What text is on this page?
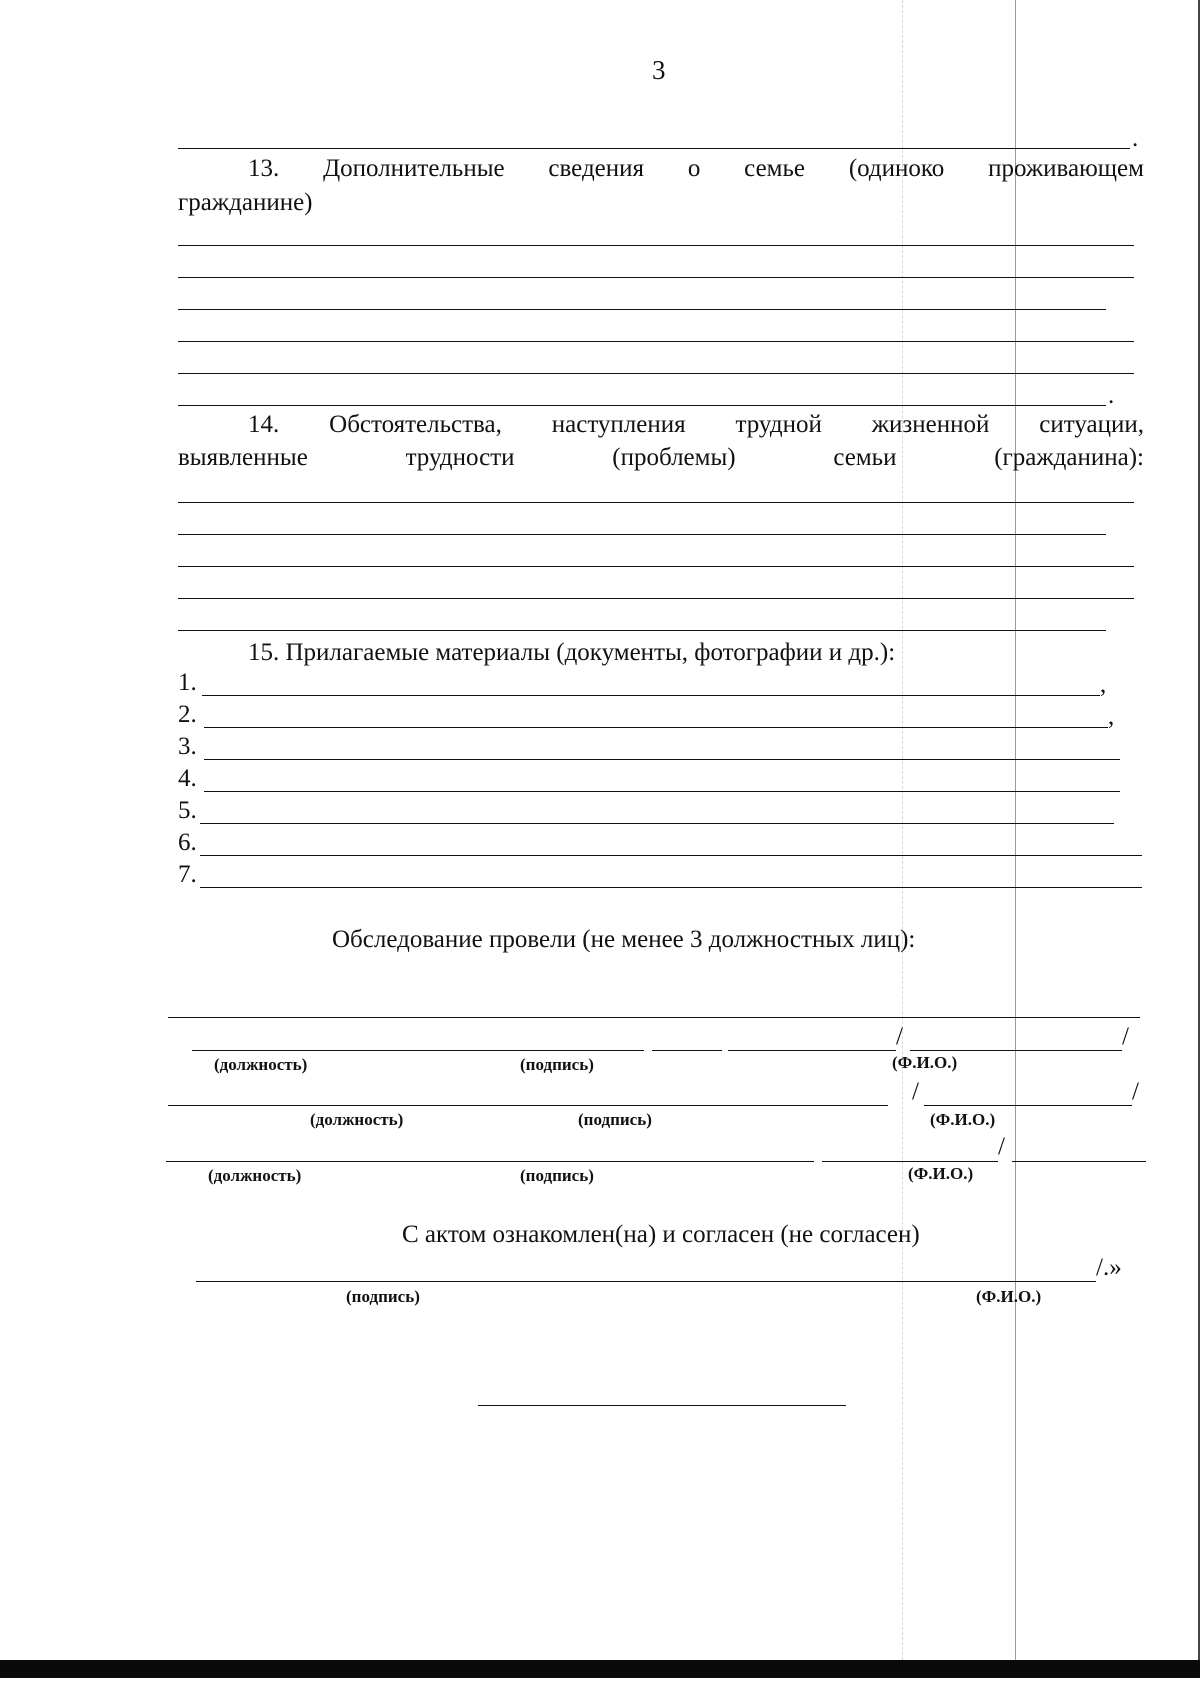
3
.
13. Дополнительные сведения о семье (одиноко проживающем
гражданине)
.
14. Обстоятельства, наступления трудной жизненной ситуации,
выявленные	трудности	(проблемы)	семьи	(гражданина):
15. Прилагаемые материалы (документы, фотографии и др.):
1.	,
2.	,
3.
4.
5.
6.
7.
Обследование провели (не менее 3 должностных лиц):
/	/
(должность)	(подпись)	(Ф.И.О.)
/	/
(должность)	(подпись)	(Ф.И.О.)
/
(должность)	(подпись)	(Ф.И.О.)
С актом ознакомлен(на) и согласен (не согласен)
/.»
(подпись)	(Ф.И.О.)
